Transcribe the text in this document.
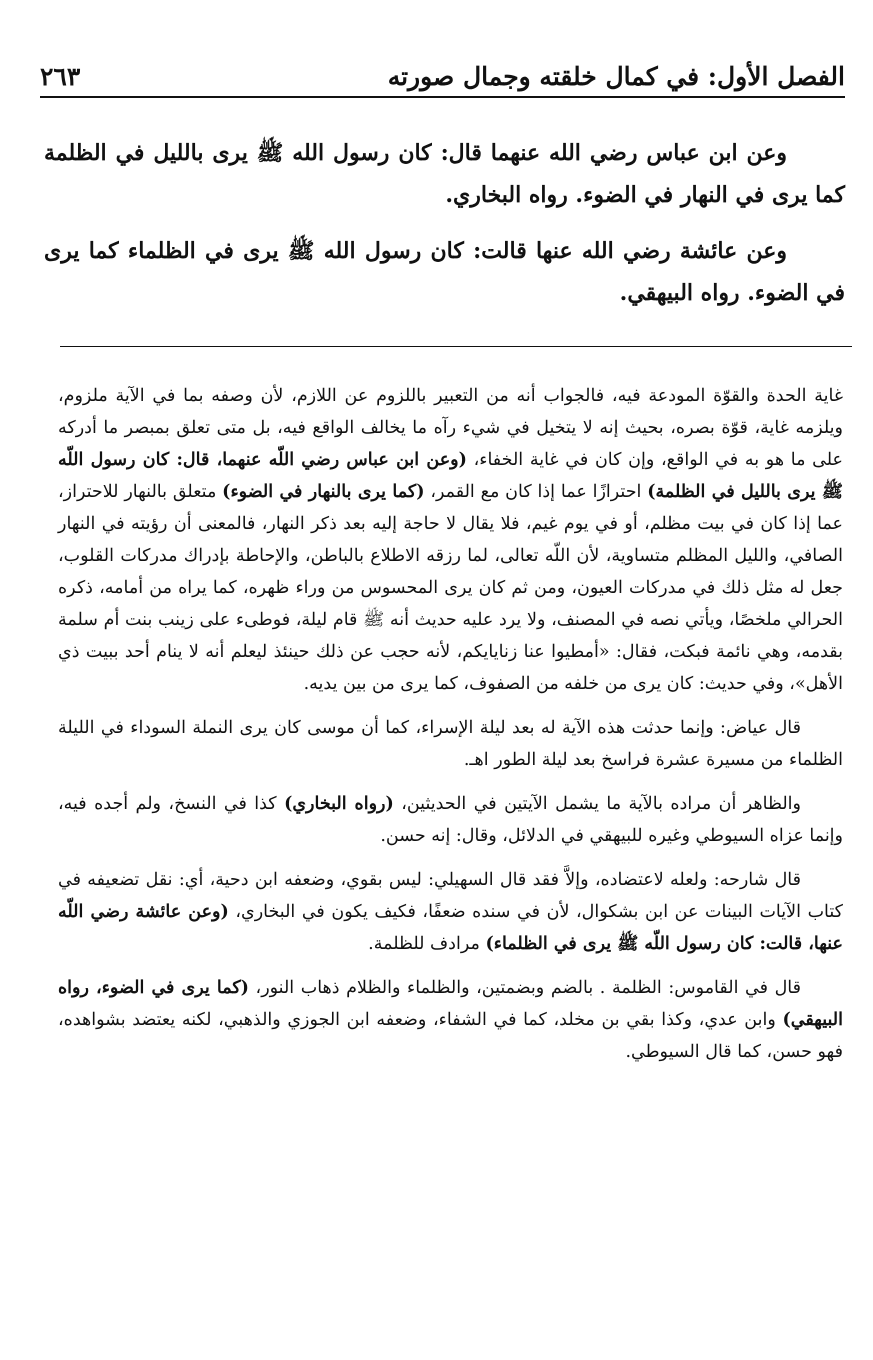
الفصل الأول: في كمال خلقته وجمال صورته
٢٦٣

وعن ابن عباس رضي الله عنهما قال: كان رسول الله ﷺ يرى بالليل في الظلمة كما يرى في النهار في الضوء. رواه البخاري.

وعن عائشة رضي الله عنها قالت: كان رسول الله ﷺ يرى في الظلماء كما يرى في الضوء. رواه البيهقي.

غاية الحدة والقوّة المودعة فيه، فالجواب أنه من التعبير باللزوم عن اللازم، لأن وصفه بما في الآية ملزوم، ويلزمه غاية، قوّة بصره، بحيث إنه لا يتخيل في شيء رآه ما يخالف الواقع فيه، بل متى تعلق بمبصر ما أدركه على ما هو به في الواقع، وإن كان في غاية الخفاء، (وعن ابن عباس رضي اللّه عنهما، قال: كان رسول اللّه ﷺ يرى بالليل في الظلمة) احترازًا عما إذا كان مع القمر، (كما يرى بالنهار في الضوء) متعلق بالنهار للاحتراز، عما إذا كان في بيت مظلم، أو في يوم غيم، فلا يقال لا حاجة إليه بعد ذكر النهار، فالمعنى أن رؤيته في النهار الصافي، والليل المظلم متساوية، لأن اللّه تعالى، لما رزقه الاطلاع بالباطن، والإحاطة بإدراك مدركات القلوب، جعل له مثل ذلك في مدركات العيون، ومن ثم كان يرى المحسوس من وراء ظهره، كما يراه من أمامه، ذكره الحرالي ملخصًا، ويأتي نصه في المصنف، ولا يرد عليه حديث أنه ﷺ قام ليلة، فوطىء على زينب بنت أم سلمة بقدمه، وهي نائمة فبكت، فقال: «أمطيوا عنا زنايايكم، لأنه حجب عن ذلك حينئذ ليعلم أنه لا ينام أحد ببيت ذي الأهل»، وفي حديث: كان يرى من خلفه من الصفوف، كما يرى من بين يديه.

قال عياض: وإنما حدثت هذه الآية له بعد ليلة الإسراء، كما أن موسى كان يرى النملة السوداء في الليلة الظلماء من مسيرة عشرة فراسخ بعد ليلة الطور اهـ.

والظاهر أن مراده بالآية ما يشمل الآيتين في الحديثين، (رواه البخاري) كذا في النسخ، ولم أجده فيه، وإنما عزاه السيوطي وغيره للبيهقي في الدلائل، وقال: إنه حسن.

قال شارحه: ولعله لاعتضاده، وإلاَّ فقد قال السهيلي: ليس بقوي، وضعفه ابن دحية، أي: نقل تضعيفه في كتاب الآيات البينات عن ابن بشكوال، لأن في سنده ضعفًا، فكيف يكون في البخاري، (وعن عائشة رضي اللّه عنها، قالت: كان رسول اللّه ﷺ يرى في الظلماء) مرادف للظلمة.

قال في القاموس: الظلمة . بالضم وبضمتين، والظلماء والظلام ذهاب النور، (كما يرى في الضوء، رواه البيهقي) وابن عدي، وكذا بقي بن مخلد، كما في الشفاء، وضعفه ابن الجوزي والذهبي، لكنه يعتضد بشواهده، فهو حسن، كما قال السيوطي.
